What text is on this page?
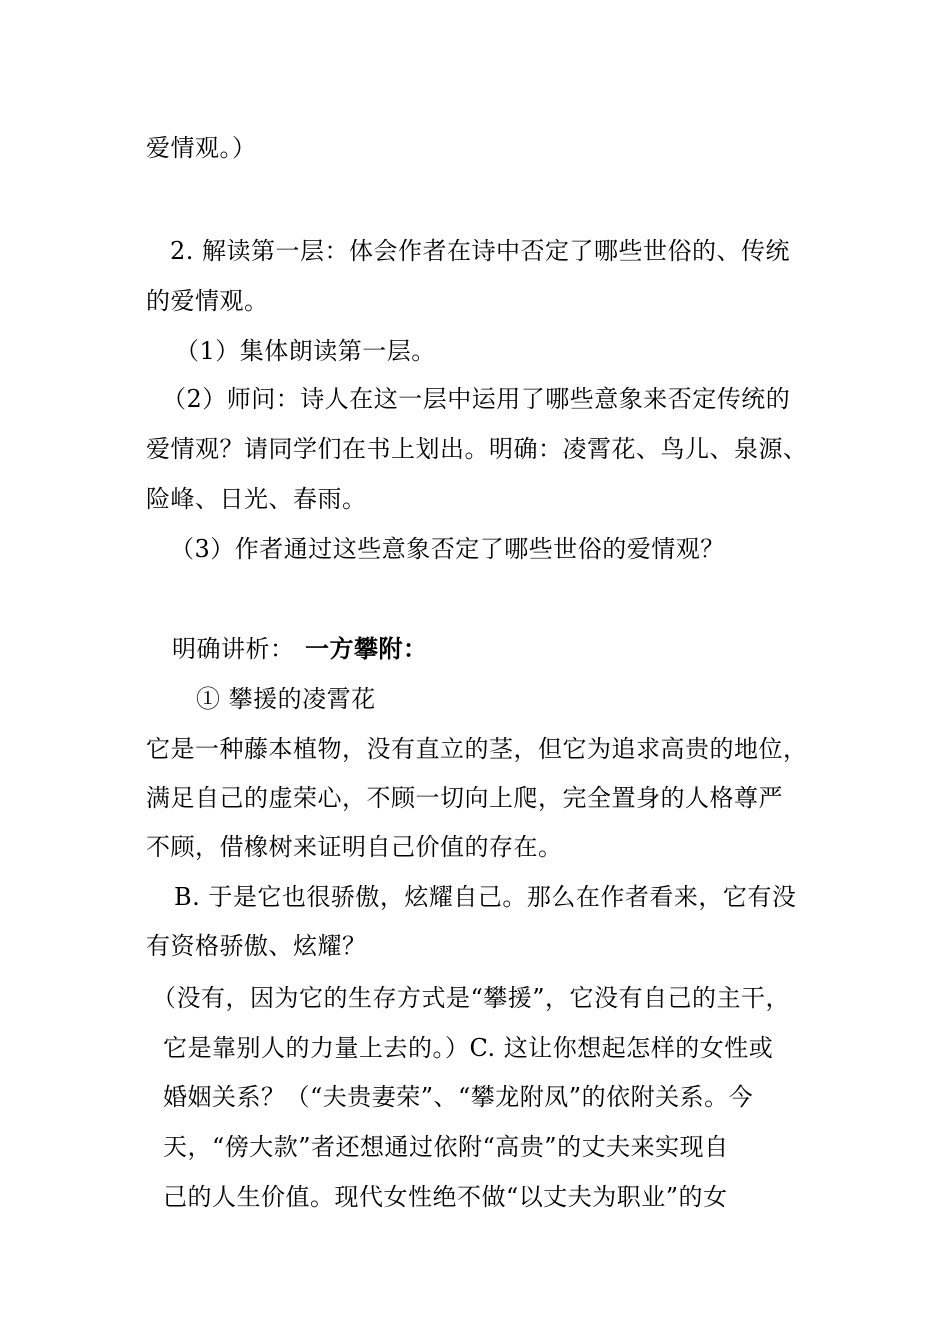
爱情观。）
2. 解读第一层：体会作者在诗中否定了哪些世俗的、传统
的爱情观。
（1）集体朗读第一层。
（2）师问：诗人在这一层中运用了哪些意象来否定传统的
爱情观？请同学们在书上划出。明确：凌霄花、鸟儿、泉源、
险峰、日光、春雨。
（3）作者通过这些意象否定了哪些世俗的爱情观？
明确讲析： 一方攀附：
① 攀援的凌霄花
它是一种藤本植物，没有直立的茎，但它为追求高贵的地位，
满足自己的虚荣心，不顾一切向上爬，完全置身的人格尊严
不顾，借橡树来证明自己价值的存在。
B. 于是它也很骄傲，炫耀自己。那么在作者看来，它有没
有资格骄傲、炫耀？
（没有，因为它的生存方式是“攀援”，它没有自己的主干，
它是靠别人的力量上去的。）C. 这让你想起怎样的女性或
婚姻关系？（“夫贵妻荣”、“攀龙附凤”的依附关系。今
天，“傍大款”者还想通过依附“高贵”的丈夫来实现自
己的人生价值。现代女性绝不做“以丈夫为职业”的女
